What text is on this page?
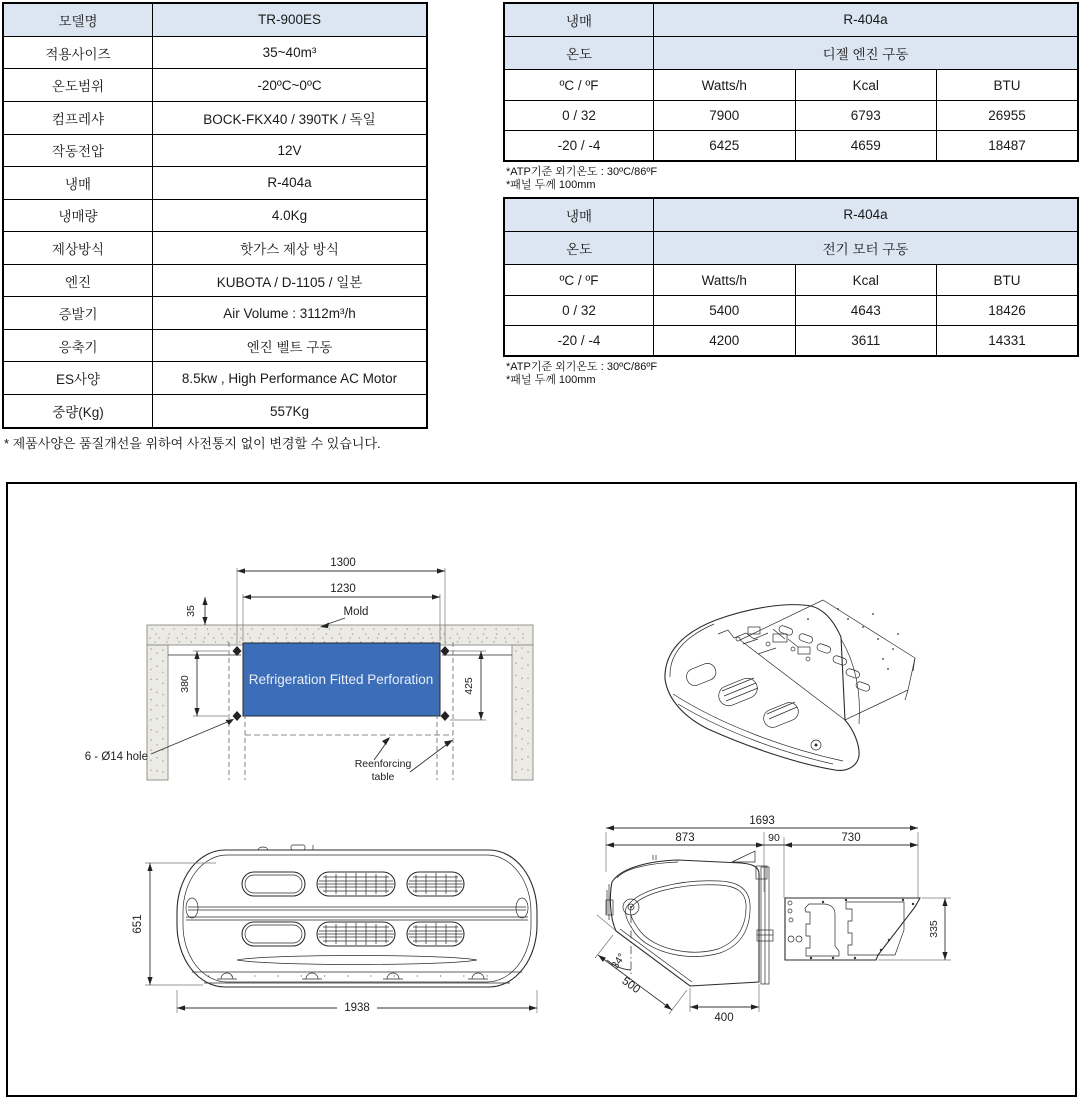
모델명	TR-900ES
적용사이즈	35~40m³
온도범위	-20ºC~0ºC
컴프레샤	BOCK-FKX40 / 390TK / 독일
작동전압	12V
냉매	R-404a
냉매량	4.0Kg
제상방식	핫가스 제상 방식
엔진	KUBOTA / D-1105 / 일본
증발기	Air Volume : 3112m³/h
응축기	엔진 벨트 구동
ES사양	8.5kw , High Performance AC Motor
중량(Kg)	557Kg
* 제품사양은 품질개선을 위하여 사전통지 없이 변경할 수 있습니다.
냉매	R-404a		
온도	디젤 엔진 구동		
ºC / ºF	Watts/h	Kcal	BTU
0 / 32	7900	6793	26955
-20 / -4	6425	4659	18487
*ATP기준 외기온도 : 30ºC/86ºF
*패널 두께 100mm
냉매	R-404a		
온도	전기 모터 구동		
ºC / ºF	Watts/h	Kcal	BTU
0 / 32	5400	4643	18426
-20 / -4	4200	3611	14331
*ATP기준 외기온도 : 30ºC/86ºF
*패널 두께 100mm
Refrigeration Fitted Perforation
1300
1230
35	Mold
380	425
6 - Ø14 hole
Reenforcing
table
651
1938
1693
873	90	730
335
400
500
34°
